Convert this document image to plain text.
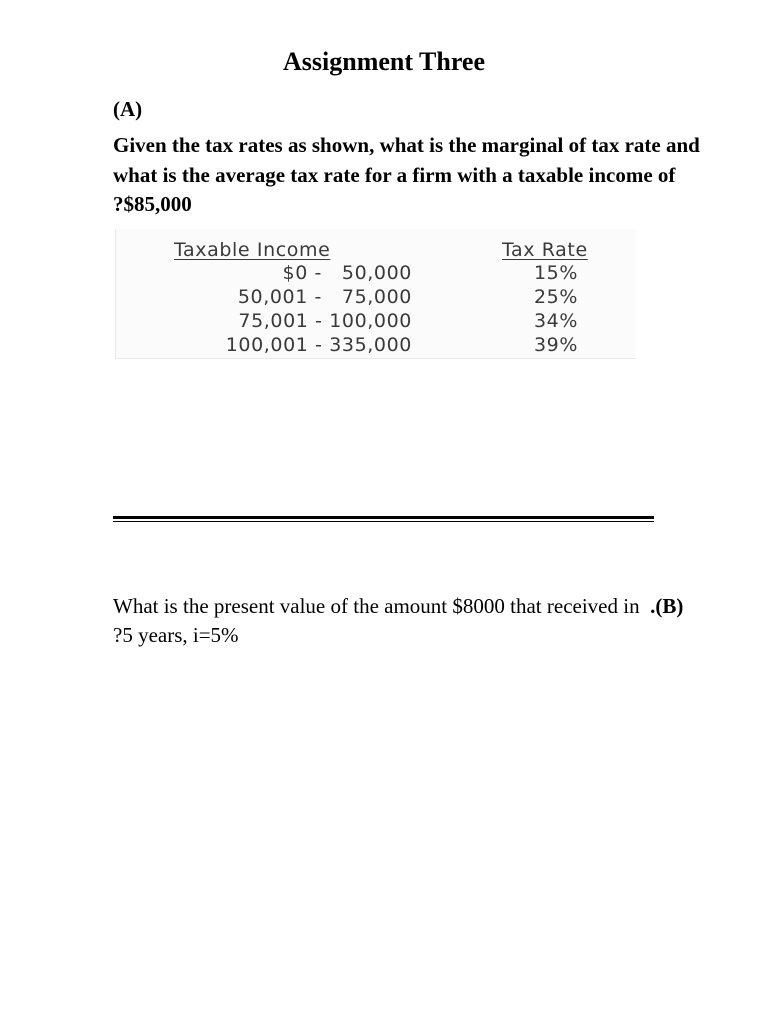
Assignment Three
(A)
Given the tax rates as shown, what is the marginal of tax rate and
what is the average tax rate for a firm with a taxable income of
?$85,000
Taxable Income	Tax Rate
$0 -   50,000	15%
50,001 -   75,000	25%
75,001 - 100,000	34%
100,001 - 335,000	39%
What is the present value of the amount $8000 that received in .(B)
?5 years, i=5%
